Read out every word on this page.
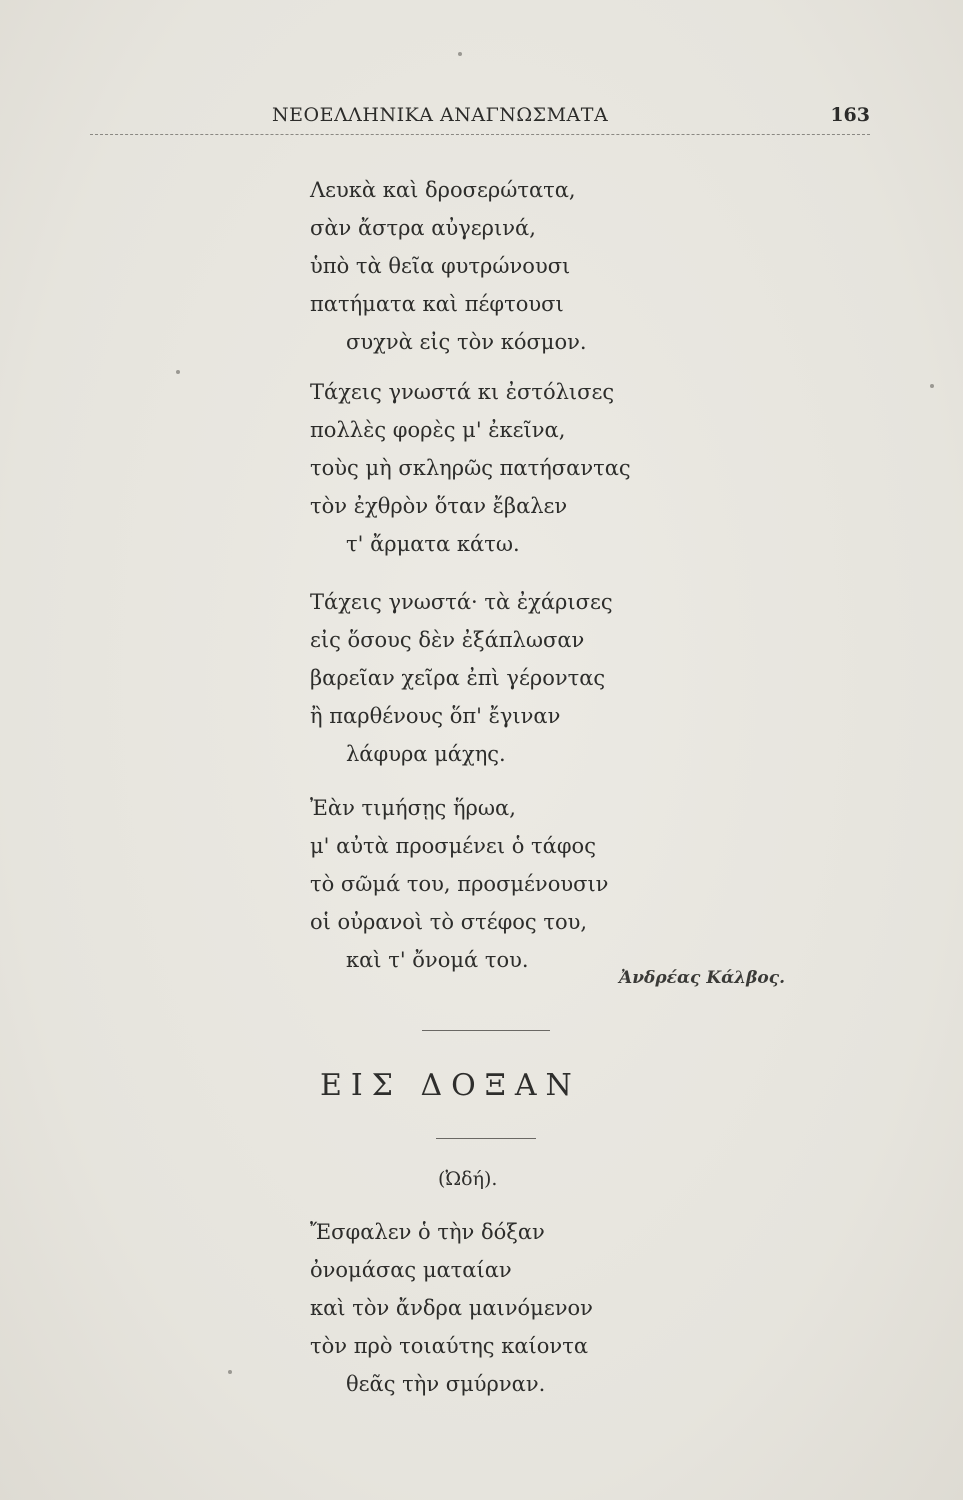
ΝΕΟΕΛΛΗΝΙΚΑ ΑΝΑΓΝΩΣΜΑΤΑ	163
Λευκὰ καὶ δροσερώτατα,
σὰν ἄστρα αὐγερινά,
ὑπὸ τὰ θεῖα φυτρώνουσι
πατήματα καὶ πέφτουσι
συχνὰ εἰς τὸν κόσμον.
Τάχεις γνωστά κι ἐστόλισες
πολλὲς φορὲς μ' ἐκεῖνα,
τοὺς μὴ σκληρῶς πατήσαντας
τὸν ἐχθρὸν ὅταν ἔβαλεν
τ' ἄρματα κάτω.
Τάχεις γνωστά· τὰ ἐχάρισες
εἰς ὅσους δὲν ἐξάπλωσαν
βαρεῖαν χεῖρα ἐπὶ γέροντας
ἢ παρθένους ὅπ' ἔγιναν
λάφυρα μάχης.
Ἐὰν τιμήσῃς ἥρωα,
μ' αὐτὰ προσμένει ὁ τάφος
τὸ σῶμά του, προσμένουσιν
οἱ οὐρανοὶ τὸ στέφος του,
καὶ τ' ὄνομά του.
Ἀνδρέας Κάλβος.
ΕΙΣ ΔΟΞΑΝ
(Ὠδή).
Ἔσφαλεν ὁ τὴν δόξαν
ὀνομάσας ματαίαν
καὶ τὸν ἄνδρα μαινόμενον
τὸν πρὸ τοιαύτης καίοντα
θεᾶς τὴν σμύρναν.
